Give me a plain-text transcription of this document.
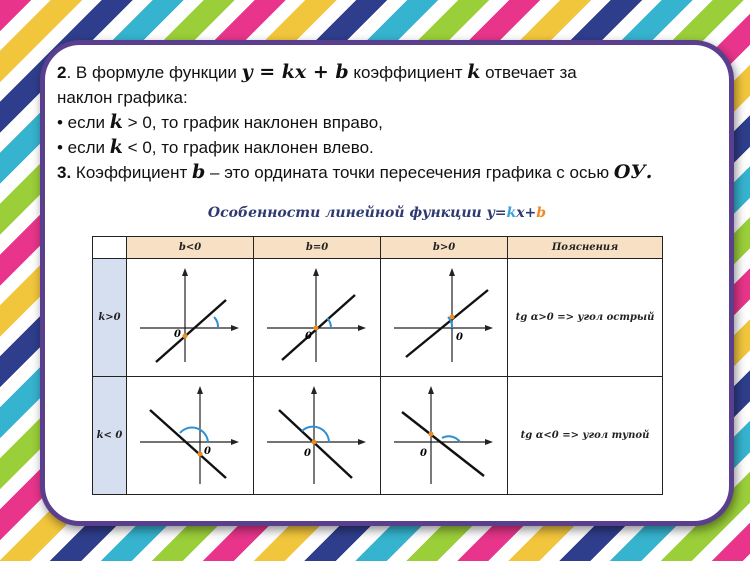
2. В формуле функции y = kx + b коэффициент k отвечает за
наклон графика:
• если k > 0, то график наклонен вправо,
• если k < 0, то график наклонен влево.
3. Коэффициент b – это ордината точки пересечения графика с осью OУ.
Особенности линейной функции y=kx+b
	b<0	b=0	b>0	Пояснения
k>0	0	0	0	tg α>0 => угол острый
k< 0	0	0	0	tg α<0 => угол тупой
